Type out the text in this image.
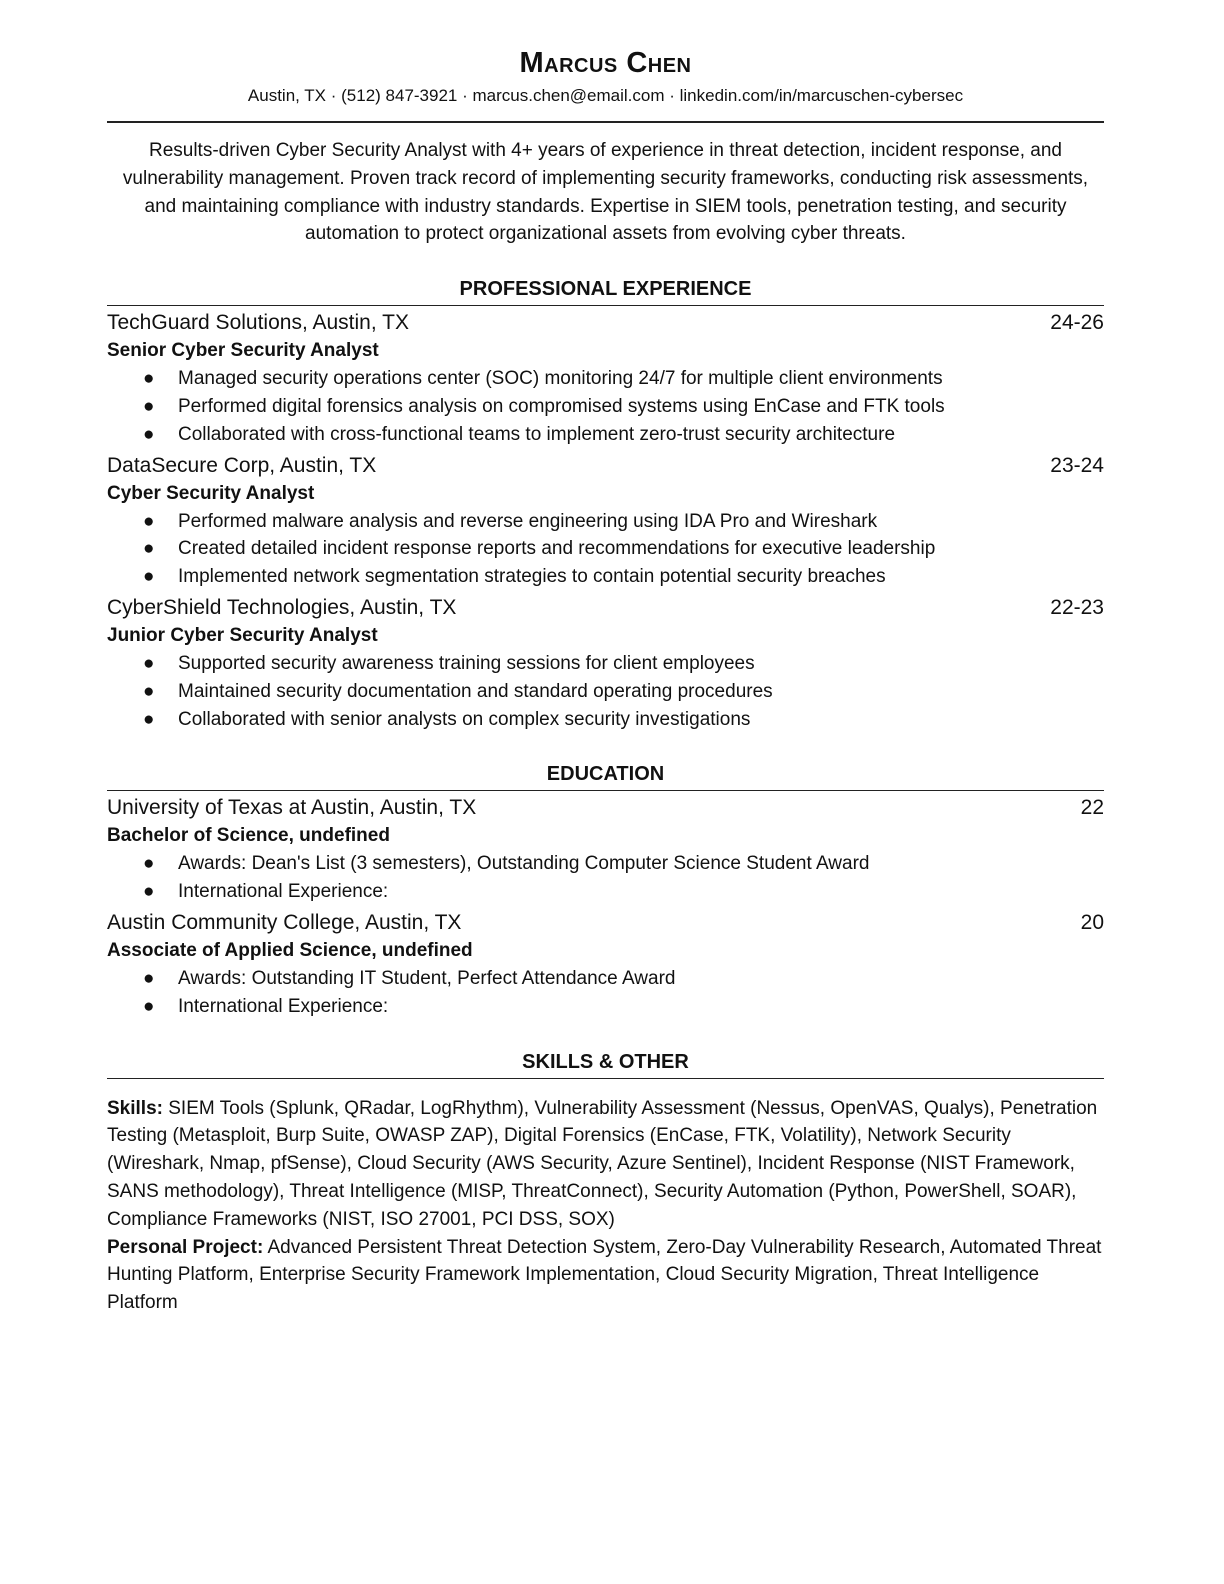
Marcus Chen
Austin, TX · (512) 847-3921 · marcus.chen@email.com · linkedin.com/in/marcuschen-cybersec
Results-driven Cyber Security Analyst with 4+ years of experience in threat detection, incident response, and vulnerability management. Proven track record of implementing security frameworks, conducting risk assessments, and maintaining compliance with industry standards. Expertise in SIEM tools, penetration testing, and security automation to protect organizational assets from evolving cyber threats.
PROFESSIONAL EXPERIENCE
TechGuard Solutions, Austin, TX	24-26
Senior Cyber Security Analyst
● Managed security operations center (SOC) monitoring 24/7 for multiple client environments
● Performed digital forensics analysis on compromised systems using EnCase and FTK tools
● Collaborated with cross-functional teams to implement zero-trust security architecture
DataSecure Corp, Austin, TX	23-24
Cyber Security Analyst
● Performed malware analysis and reverse engineering using IDA Pro and Wireshark
● Created detailed incident response reports and recommendations for executive leadership
● Implemented network segmentation strategies to contain potential security breaches
CyberShield Technologies, Austin, TX	22-23
Junior Cyber Security Analyst
● Supported security awareness training sessions for client employees
● Maintained security documentation and standard operating procedures
● Collaborated with senior analysts on complex security investigations
EDUCATION
University of Texas at Austin, Austin, TX	22
Bachelor of Science, undefined
● Awards: Dean's List (3 semesters), Outstanding Computer Science Student Award
● International Experience:
Austin Community College, Austin, TX	20
Associate of Applied Science, undefined
● Awards: Outstanding IT Student, Perfect Attendance Award
● International Experience:
SKILLS & OTHER

Skills: SIEM Tools (Splunk, QRadar, LogRhythm), Vulnerability Assessment (Nessus, OpenVAS, Qualys), Penetration Testing (Metasploit, Burp Suite, OWASP ZAP), Digital Forensics (EnCase, FTK, Volatility), Network Security (Wireshark, Nmap, pfSense), Cloud Security (AWS Security, Azure Sentinel), Incident Response (NIST Framework, SANS methodology), Threat Intelligence (MISP, ThreatConnect), Security Automation (Python, PowerShell, SOAR), Compliance Frameworks (NIST, ISO 27001, PCI DSS, SOX)

Personal Project: Advanced Persistent Threat Detection System, Zero-Day Vulnerability Research, Automated Threat Hunting Platform, Enterprise Security Framework Implementation, Cloud Security Migration, Threat Intelligence Platform
